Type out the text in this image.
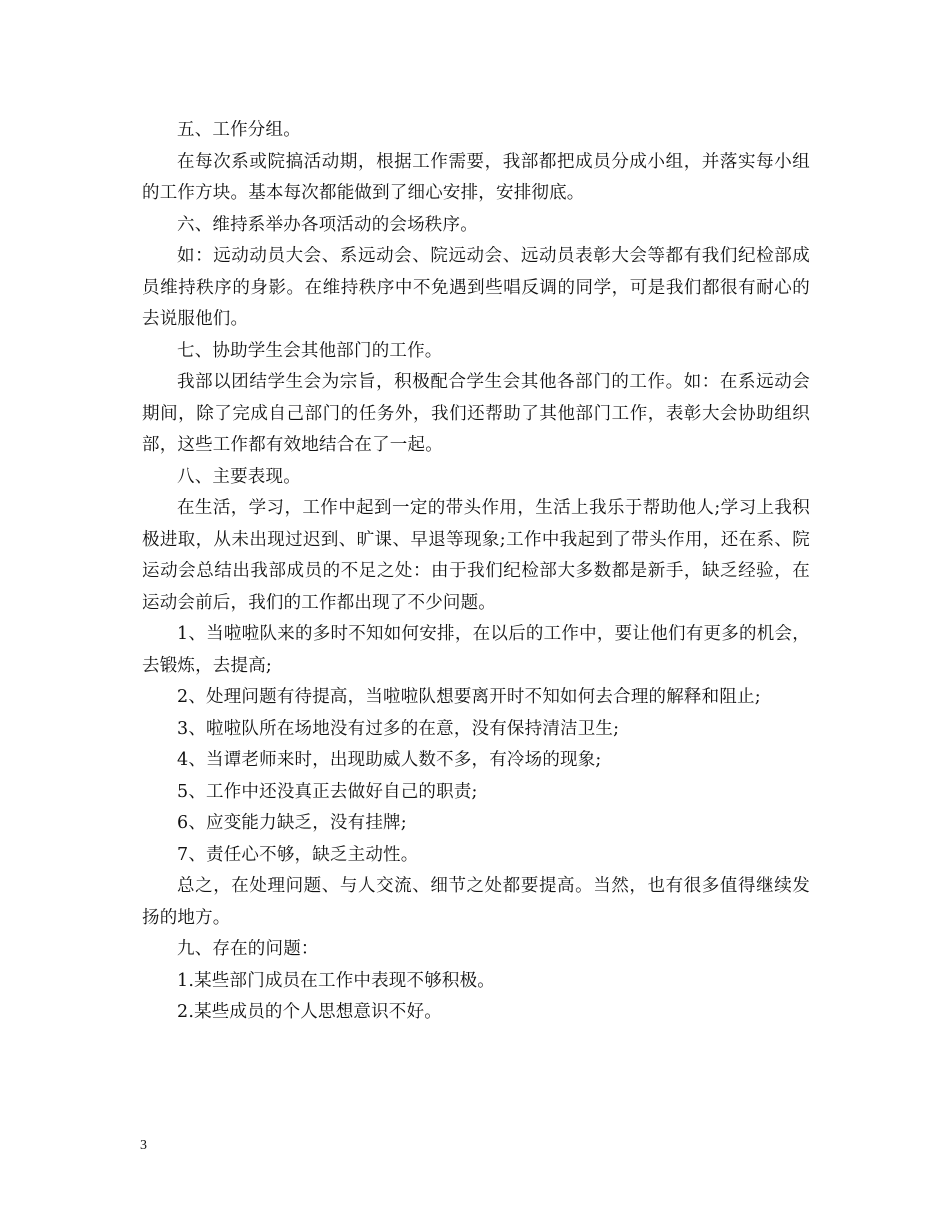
五、工作分组。

在每次系或院搞活动期，根据工作需要，我部都把成员分成小组，并落实每小组的工作方块。基本每次都能做到了细心安排，安排彻底。

六、维持系举办各项活动的会场秩序。

如：远动动员大会、系远动会、院远动会、远动员表彰大会等都有我们纪检部成员维持秩序的身影。在维持秩序中不免遇到些唱反调的同学，可是我们都很有耐心的去说服他们。

七、协助学生会其他部门的工作。

我部以团结学生会为宗旨，积极配合学生会其他各部门的工作。如：在系远动会期间，除了完成自己部门的任务外，我们还帮助了其他部门工作，表彰大会协助组织部，这些工作都有效地结合在了一起。

八、主要表现。

在生活，学习，工作中起到一定的带头作用，生活上我乐于帮助他人;学习上我积极进取，从未出现过迟到、旷课、早退等现象;工作中我起到了带头作用，还在系、院运动会总结出我部成员的不足之处：由于我们纪检部大多数都是新手，缺乏经验，在运动会前后，我们的工作都出现了不少问题。

1、当啦啦队来的多时不知如何安排，在以后的工作中，要让他们有更多的机会，去锻炼，去提高;

2、处理问题有待提高，当啦啦队想要离开时不知如何去合理的解释和阻止;

3、啦啦队所在场地没有过多的在意，没有保持清洁卫生;

4、当谭老师来时，出现助威人数不多，有冷场的现象;

5、工作中还没真正去做好自己的职责;

6、应变能力缺乏，没有挂牌;

7、责任心不够，缺乏主动性。

总之，在处理问题、与人交流、细节之处都要提高。当然，也有很多值得继续发扬的地方。

九、存在的问题：

1.某些部门成员在工作中表现不够积极。

2.某些成员的个人思想意识不好。

3
